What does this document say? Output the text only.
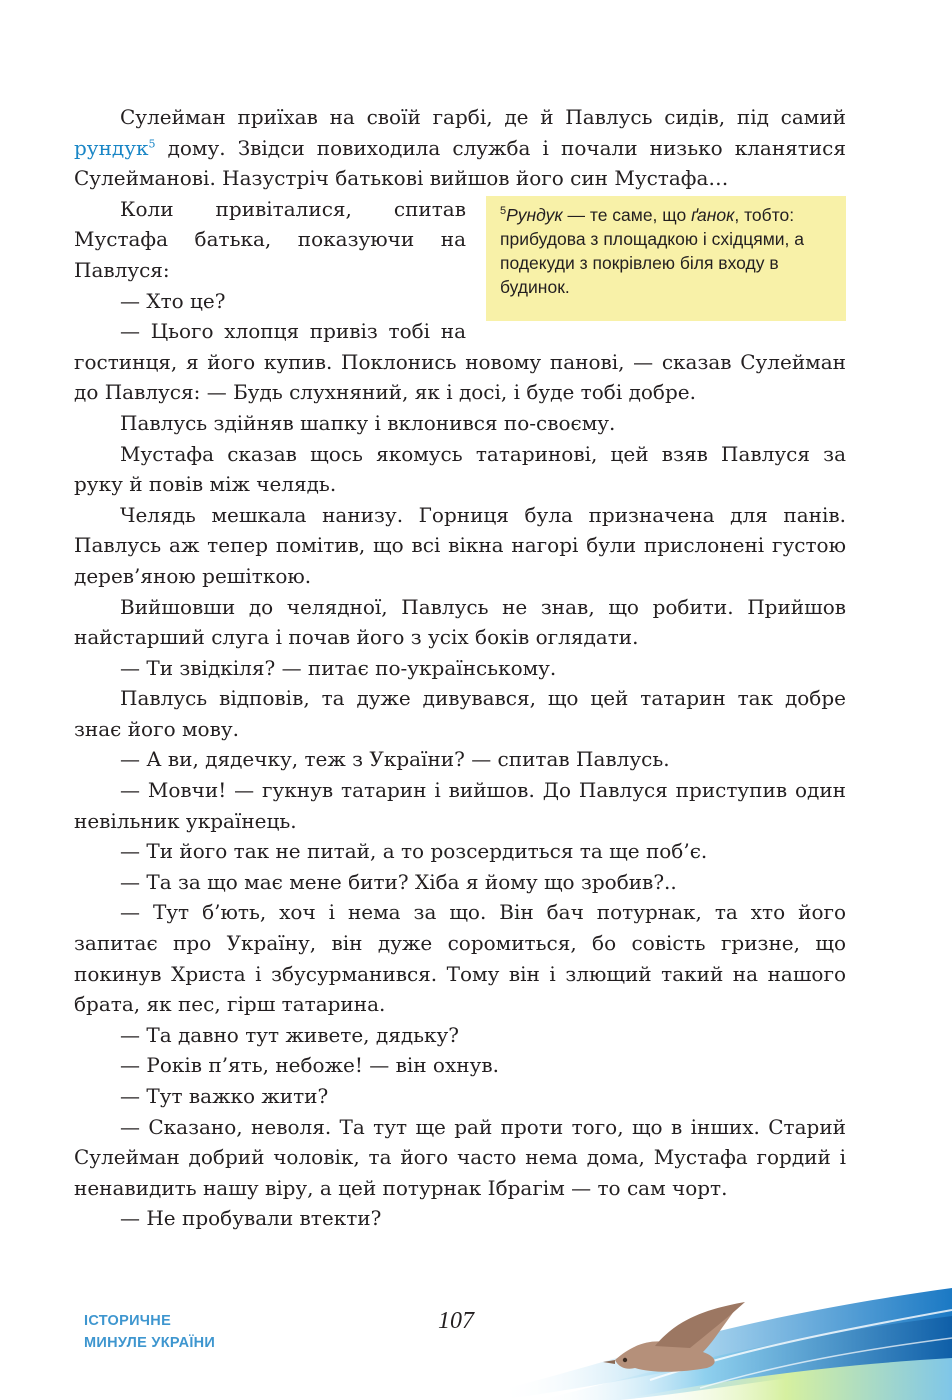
Сулейман приїхав на своїй гарбі, де й Павлусь сидів, під самий рундук$^5$ дому. Звідси повиходила служба і почали низько кланятися Сулейманові. Назустріч батькові вийшов його син Мустафа…

$^5$Рундук — те саме, що ґанок, тобто: прибудова з площадкою і східцями, а подекуди з покрівлею біля входу в будинок.

Коли привіталися, спитав Мустафа батька, показуючи на Павлуся:

— Хто це?

— Цього хлопця привіз тобі на гостинця, я його купив. Поклонись новому панові, — сказав Сулейман до Павлуся: — Будь слухняний, як і досі, і буде тобі добре.

Павлусь здійняв шапку і вклонився по-своєму.

Мустафа сказав щось якомусь татаринові, цей взяв Павлуся за руку й повів між челядь.

Челядь мешкала нанизу. Горниця була призначена для панів. Павлусь аж тепер помітив, що всі вікна нагорі були прислонені густою дерев’яною решіткою.

Вийшовши до челядної, Павлусь не знав, що робити. Прийшов найстарший слуга і почав його з усіх боків оглядати.

— Ти звідкіля? — питає по-українському.

Павлусь відповів, та дуже дивувався, що цей татарин так добре знає його мову.

— А ви, дядечку, теж з України? — спитав Павлусь.

— Мовчи! — гукнув татарин і вийшов. До Павлуся приступив один невільник українець.

— Ти його так не питай, а то розсердиться та ще поб’є.

— Та за що має мене бити? Хіба я йому що зробив?..

— Тут б’ють, хоч і нема за що. Він бач потурнак, та хто його запитає про Україну, він дуже соромиться, бо совість гризне, що покинув Христа і збусурманився. Тому він і злющий такий на нашого брата, як пес, гірш татарина.

— Та давно тут живете, дядьку?

— Років п’ять, небоже! — він охнув.

— Тут важко жити?

— Сказано, неволя. Та тут ще рай проти того, що в інших. Старий Сулейман добрий чоловік, та його часто нема дома, Мустафа гордий і ненавидить нашу віру, а цей потурнак Ібрагім — то сам чорт.

— Не пробували втекти?

ІСТОРИЧНЕ
МИНУЛЕ УКРАЇНИ
107
